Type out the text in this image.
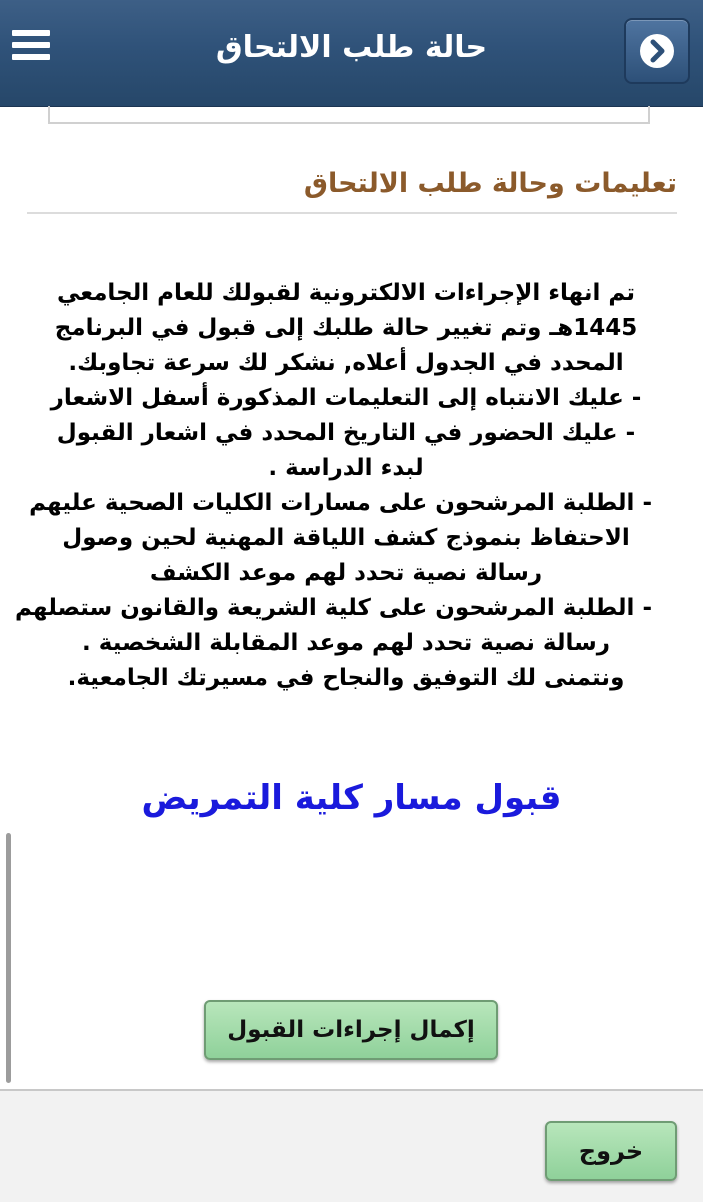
حالة طلب الالتحاق
تعليمات وحالة طلب الالتحاق
تم انهاء الإجراءات الالكترونية لقبولك للعام الجامعي
1445هـ وتم تغيير حالة طلبك إلى قبول في البرنامج
المحدد في الجدول أعلاه, نشكر لك سرعة تجاوبك.
- عليك الانتباه إلى التعليمات المذكورة أسفل الاشعار
- عليك الحضور في التاريخ المحدد في اشعار القبول
لبدء الدراسة .
- الطلبة المرشحون على مسارات الكليات الصحية عليهم
الاحتفاظ بنموذج كشف اللياقة المهنية لحين وصول
رسالة نصية تحدد لهم موعد الكشف
- الطلبة المرشحون على كلية الشريعة والقانون ستصلهم
رسالة نصية تحدد لهم موعد المقابلة الشخصية .
ونتمنى لك التوفيق والنجاح في مسيرتك الجامعية.
قبول مسار كلية التمريض
إكمال إجراءات القبول
خروج
